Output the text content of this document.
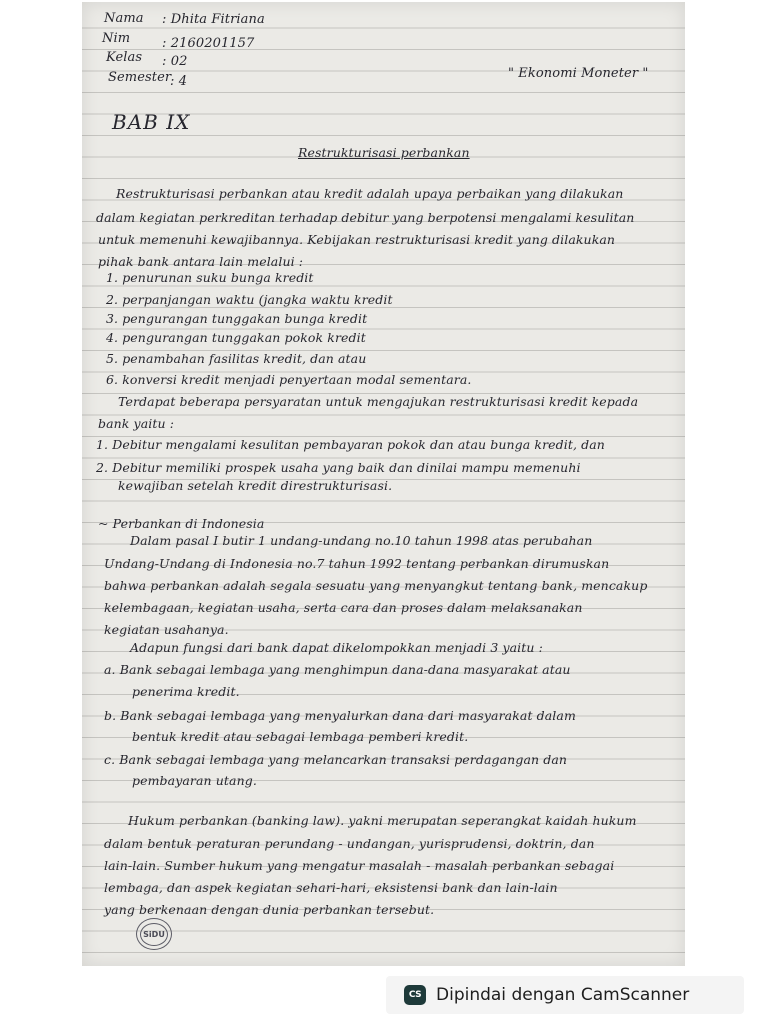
Nama : Dhita Fitriana
Nim : 2160201157
Kelas : 02
Semester
: 4
" Ekonomi Moneter "
BAB IX
Restrukturisasi perbankan
Restrukturisasi perbankan atau kredit adalah upaya perbaikan yang dilakukan
dalam kegiatan perkreditan terhadap debitur yang berpotensi mengalami kesulitan
untuk memenuhi kewajibannya. Kebijakan restrukturisasi kredit yang dilakukan
pihak bank antara lain melalui :
1. penurunan suku bunga kredit
2. perpanjangan waktu (jangka waktu kredit
3. pengurangan tunggakan bunga kredit
4. pengurangan tunggakan pokok kredit
5. penambahan fasilitas kredit, dan atau
6. konversi kredit menjadi penyertaan modal sementara.
Terdapat beberapa persyaratan untuk mengajukan restrukturisasi kredit kepada
bank yaitu :
1. Debitur mengalami kesulitan pembayaran pokok dan atau bunga kredit, dan
2. Debitur memiliki prospek usaha yang baik dan dinilai mampu memenuhi
kewajiban setelah kredit direstrukturisasi.
~ Perbankan di Indonesia
Dalam pasal I butir 1 undang-undang no.10 tahun 1998 atas perubahan
Undang-Undang di Indonesia no.7 tahun 1992 tentang perbankan dirumuskan
bahwa perbankan adalah segala sesuatu yang menyangkut tentang bank, mencakup
kelembagaan, kegiatan usaha, serta cara dan proses dalam melaksanakan
kegiatan usahanya.
Adapun fungsi dari bank dapat dikelompokkan menjadi 3 yaitu :
a. Bank sebagai lembaga yang menghimpun dana-dana masyarakat atau
penerima kredit.
b. Bank sebagai lembaga yang menyalurkan dana dari masyarakat dalam
bentuk kredit atau sebagai lembaga pemberi kredit.
c. Bank sebagai lembaga yang melancarkan transaksi perdagangan dan
pembayaran utang.
Hukum perbankan (banking law). yakni merupatan seperangkat kaidah hukum
dalam bentuk peraturan perundang - undangan, yurisprudensi, doktrin, dan
lain-lain. Sumber hukum yang mengatur masalah - masalah perbankan sebagai
lembaga, dan aspek kegiatan sehari-hari, eksistensi bank dan lain-lain
yang berkenaan dengan dunia perbankan tersebut.
SiDU
CS Dipindai dengan CamScanner
